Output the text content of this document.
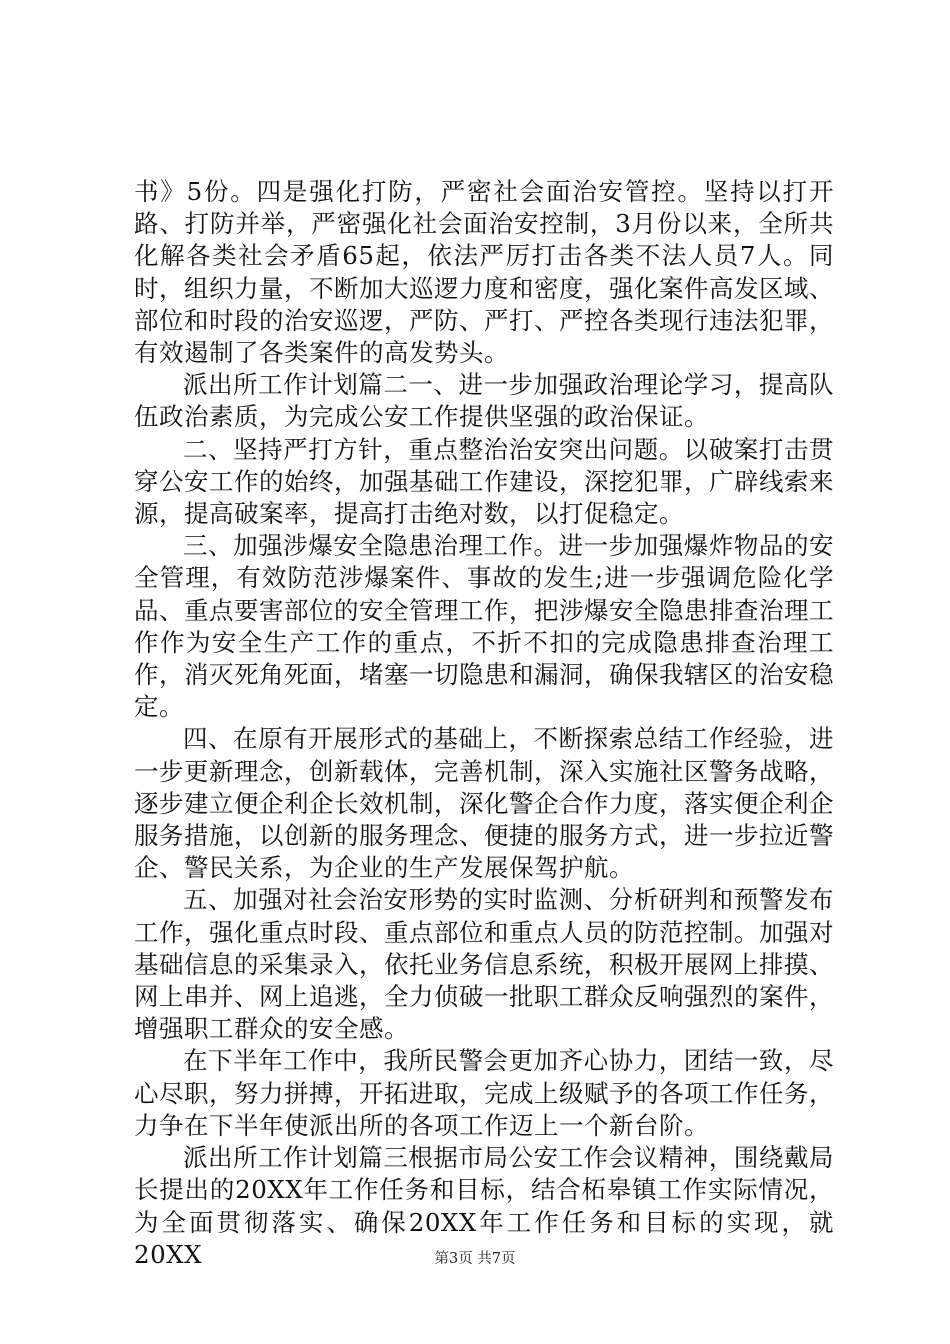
书》5份。四是强化打防，严密社会面治安管控。坚持以打开路、打防并举，严密强化社会面治安控制，3月份以来，全所共化解各类社会矛盾65起，依法严厉打击各类不法人员7人。同时，组织力量，不断加大巡逻力度和密度，强化案件高发区域、部位和时段的治安巡逻，严防、严打、严控各类现行违法犯罪，有效遏制了各类案件的高发势头。

派出所工作计划篇二一、进一步加强政治理论学习，提高队伍政治素质，为完成公安工作提供坚强的政治保证。

二、坚持严打方针，重点整治治安突出问题。以破案打击贯穿公安工作的始终，加强基础工作建设，深挖犯罪，广辟线索来源，提高破案率，提高打击绝对数，以打促稳定。

三、加强涉爆安全隐患治理工作。进一步加强爆炸物品的安全管理，有效防范涉爆案件、事故的发生;进一步强调危险化学品、重点要害部位的安全管理工作，把涉爆安全隐患排查治理工作作为安全生产工作的重点，不折不扣的完成隐患排查治理工作，消灭死角死面，堵塞一切隐患和漏洞，确保我辖区的治安稳定。

四、在原有开展形式的基础上，不断探索总结工作经验，进一步更新理念，创新载体，完善机制，深入实施社区警务战略，逐步建立便企利企长效机制，深化警企合作力度，落实便企利企服务措施，以创新的服务理念、便捷的服务方式，进一步拉近警企、警民关系，为企业的生产发展保驾护航。

五、加强对社会治安形势的实时监测、分析研判和预警发布工作，强化重点时段、重点部位和重点人员的防范控制。加强对基础信息的采集录入，依托业务信息系统，积极开展网上排摸、网上串并、网上追逃，全力侦破一批职工群众反响强烈的案件，增强职工群众的安全感。

在下半年工作中，我所民警会更加齐心协力，团结一致，尽心尽职，努力拼搏，开拓进取，完成上级赋予的各项工作任务，力争在下半年使派出所的各项工作迈上一个新台阶。

派出所工作计划篇三根据市局公安工作会议精神，围绕戴局长提出的20XX年工作任务和目标，结合柘皋镇工作实际情况，为全面贯彻落实、确保20XX年工作任务和目标的实现，就20XX	第3页 共7页
